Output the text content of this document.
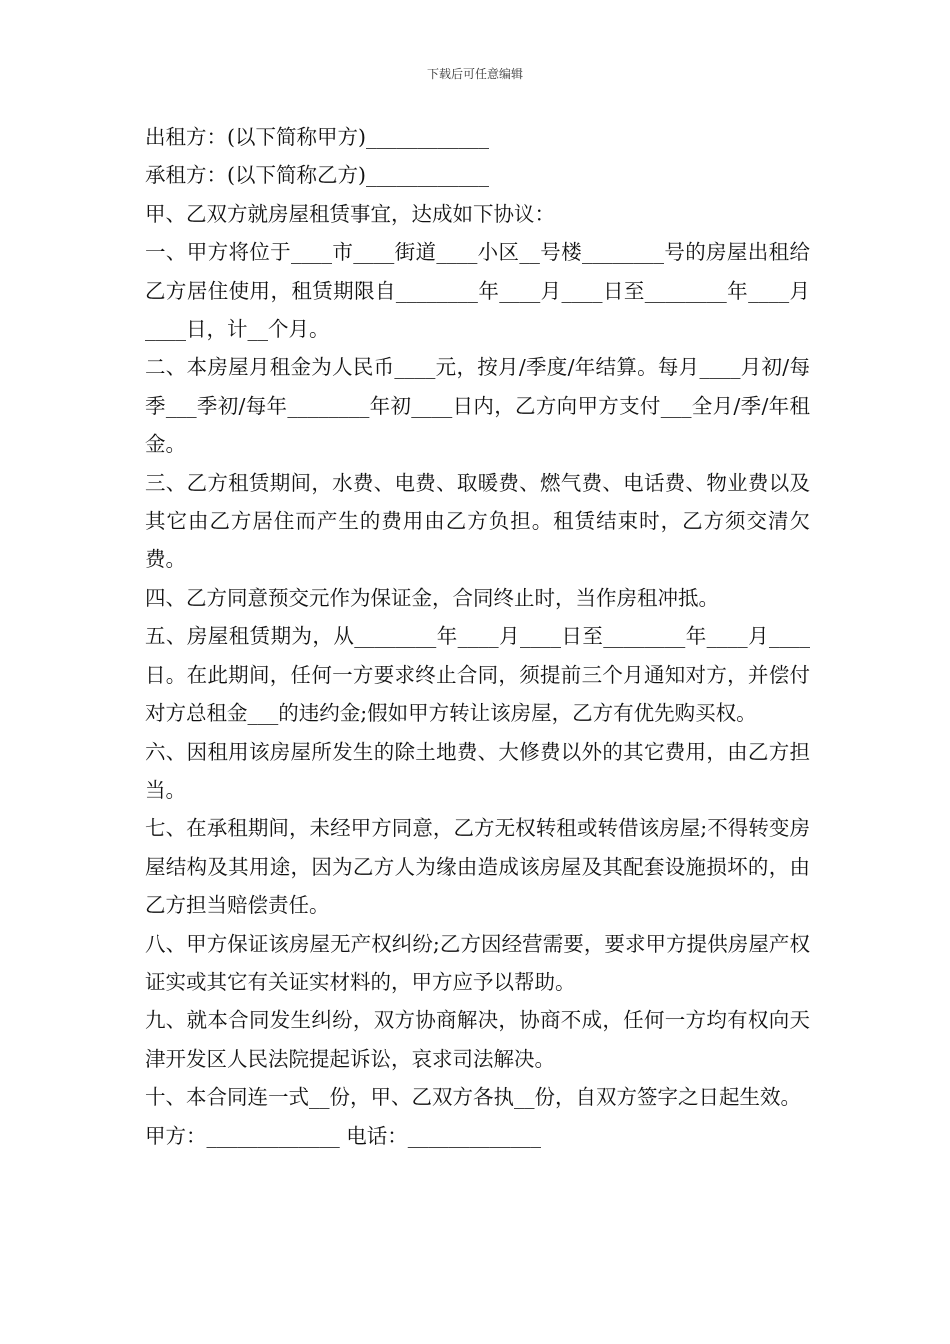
下载后可任意编辑

出租方：(以下简称甲方)____________

承租方：(以下简称乙方)____________

甲、乙双方就房屋租赁事宜，达成如下协议：

一、甲方将位于____市____街道____小区__号楼________号的房屋出租给乙方居住使用，租赁期限自________年____月____日至________年____月____日，计__个月。

二、本房屋月租金为人民币____元，按月/季度/年结算。每月____月初/每季___季初/每年________年初____日内，乙方向甲方支付___全月/季/年租金。

三、乙方租赁期间，水费、电费、取暖费、燃气费、电话费、物业费以及其它由乙方居住而产生的费用由乙方负担。租赁结束时，乙方须交清欠费。

四、乙方同意预交元作为保证金，合同终止时，当作房租冲抵。

五、房屋租赁期为，从________年____月____日至________年____月____日。在此期间，任何一方要求终止合同，须提前三个月通知对方，并偿付对方总租金___的违约金;假如甲方转让该房屋，乙方有优先购买权。

六、因租用该房屋所发生的除土地费、大修费以外的其它费用，由乙方担当。

七、在承租期间，未经甲方同意，乙方无权转租或转借该房屋;不得转变房屋结构及其用途，因为乙方人为缘由造成该房屋及其配套设施损坏的，由乙方担当赔偿责任。

八、甲方保证该房屋无产权纠纷;乙方因经营需要，要求甲方提供房屋产权证实或其它有关证实材料的，甲方应予以帮助。

九、就本合同发生纠纷，双方协商解决，协商不成，任何一方均有权向天津开发区人民法院提起诉讼，哀求司法解决。

十、本合同连一式__份，甲、乙双方各执__份，自双方签字之日起生效。

甲方：_____________ 电话：_____________
